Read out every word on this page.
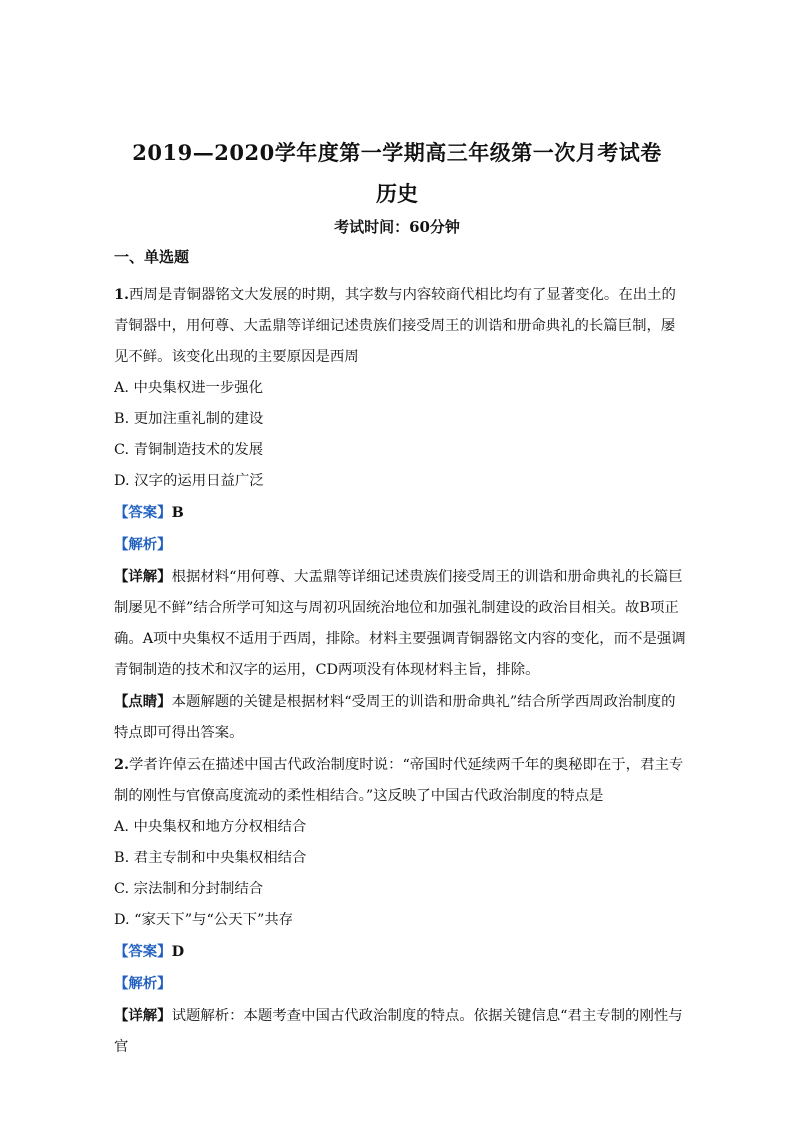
2019—2020学年度第一学期高三年级第一次月考试卷
历史
考试时间：60分钟
一、单选题

1.西周是青铜器铭文大发展的时期，其字数与内容较商代相比均有了显著变化。在出土的青铜器中，用何尊、大盂鼎等详细记述贵族们接受周王的训诰和册命典礼的长篇巨制，屡见不鲜。该变化出现的主要原因是西周

A. 中央集权进一步强化

B. 更加注重礼制的建设

C. 青铜制造技术的发展

D. 汉字的运用日益广泛

【答案】B

【解析】

【详解】根据材料“用何尊、大盂鼎等详细记述贵族们接受周王的训诰和册命典礼的长篇巨制屡见不鲜”结合所学可知这与周初巩固统治地位和加强礼制建设的政治目相关。故B项正确。A项中央集权不适用于西周，排除。材料主要强调青铜器铭文内容的变化，而不是强调青铜制造的技术和汉字的运用，CD两项没有体现材料主旨，排除。

【点睛】本题解题的关键是根据材料“受周王的训诰和册命典礼”结合所学西周政治制度的特点即可得出答案。

2.学者许倬云在描述中国古代政治制度时说：“帝国时代延续两千年的奥秘即在于，君主专制的刚性与官僚高度流动的柔性相结合。”这反映了中国古代政治制度的特点是

A. 中央集权和地方分权相结合

B. 君主专制和中央集权相结合

C. 宗法制和分封制结合

D. “家天下”与“公天下”共存

【答案】D

【解析】

【详解】试题解析：本题考查中国古代政治制度的特点。依据关键信息“君主专制的刚性与官
